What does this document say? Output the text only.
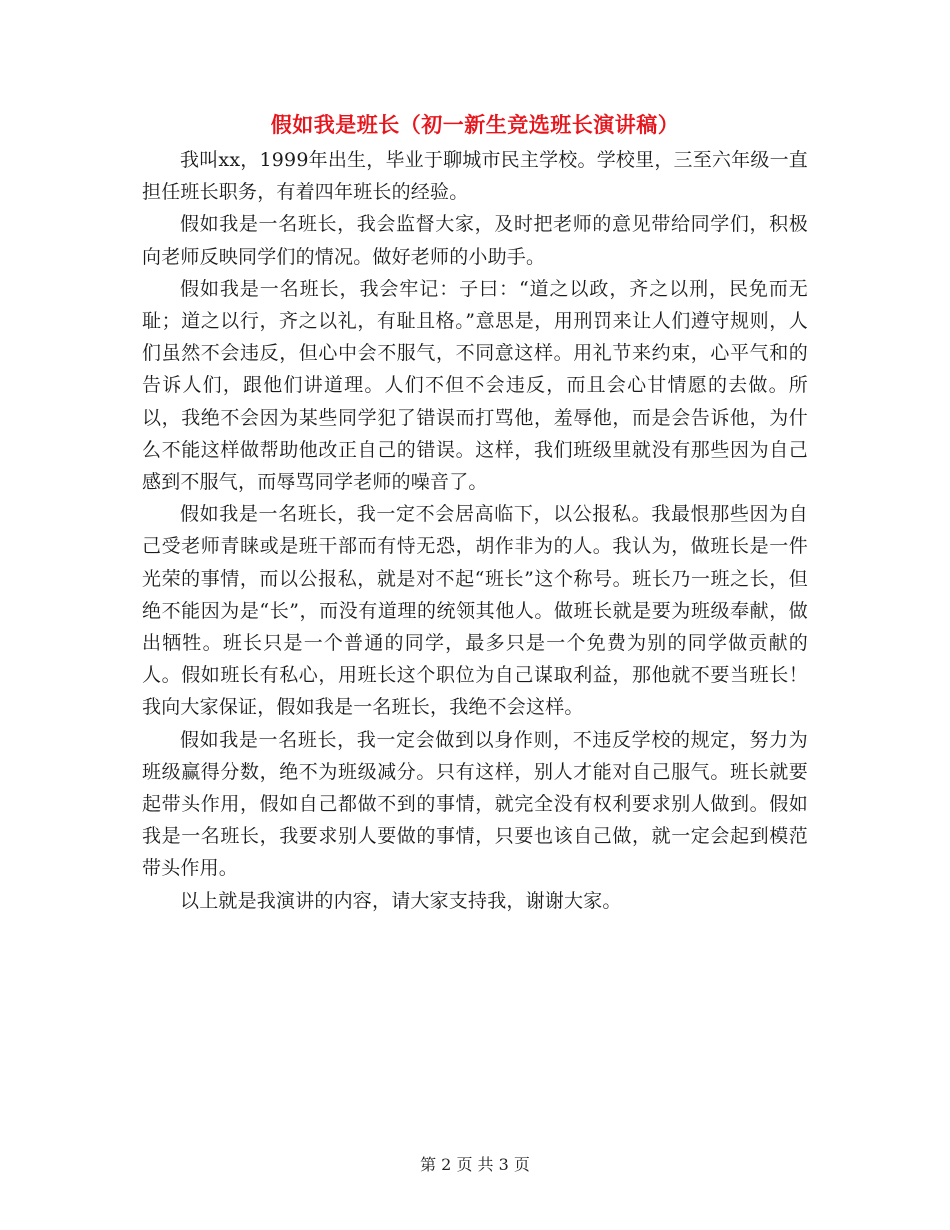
假如我是班长（初一新生竞选班长演讲稿）

我叫xx，1999年出生，毕业于聊城市民主学校。学校里，三至六年级一直担任班长职务，有着四年班长的经验。

假如我是一名班长，我会监督大家，及时把老师的意见带给同学们，积极向老师反映同学们的情况。做好老师的小助手。

假如我是一名班长，我会牢记：子曰：“道之以政，齐之以刑，民免而无耻；道之以行，齐之以礼，有耻且格。”意思是，用刑罚来让人们遵守规则，人们虽然不会违反，但心中会不服气，不同意这样。用礼节来约束，心平气和的告诉人们，跟他们讲道理。人们不但不会违反，而且会心甘情愿的去做。所以，我绝不会因为某些同学犯了错误而打骂他，羞辱他，而是会告诉他，为什么不能这样做帮助他改正自己的错误。这样，我们班级里就没有那些因为自己感到不服气，而辱骂同学老师的噪音了。

假如我是一名班长，我一定不会居高临下，以公报私。我最恨那些因为自己受老师青睐或是班干部而有恃无恐，胡作非为的人。我认为，做班长是一件光荣的事情，而以公报私，就是对不起“班长”这个称号。班长乃一班之长，但绝不能因为是“长”，而没有道理的统领其他人。做班长就是要为班级奉献，做出牺牲。班长只是一个普通的同学，最多只是一个免费为别的同学做贡献的人。假如班长有私心，用班长这个职位为自己谋取利益，那他就不要当班长！我向大家保证，假如我是一名班长，我绝不会这样。

假如我是一名班长，我一定会做到以身作则，不违反学校的规定，努力为班级赢得分数，绝不为班级减分。只有这样，别人才能对自己服气。班长就要起带头作用，假如自己都做不到的事情，就完全没有权利要求别人做到。假如我是一名班长，我要求别人要做的事情，只要也该自己做，就一定会起到模范带头作用。

以上就是我演讲的内容，请大家支持我，谢谢大家。

第 2 页 共 3 页
